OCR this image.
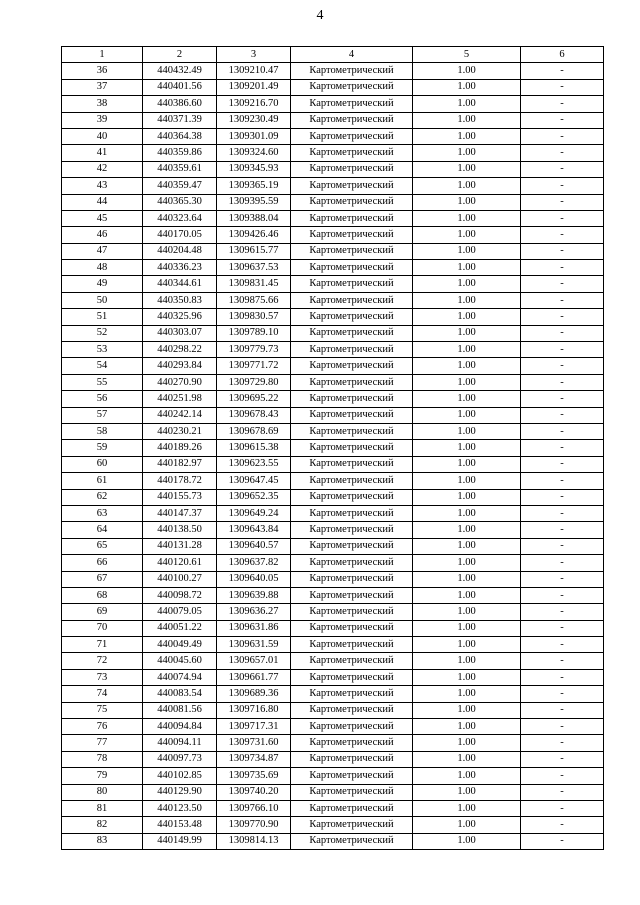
4
1	2	3	4	5	6
36	440432.49	1309210.47	Картометрический	1.00	-
37	440401.56	1309201.49	Картометрический	1.00	-
38	440386.60	1309216.70	Картометрический	1.00	-
39	440371.39	1309230.49	Картометрический	1.00	-
40	440364.38	1309301.09	Картометрический	1.00	-
41	440359.86	1309324.60	Картометрический	1.00	-
42	440359.61	1309345.93	Картометрический	1.00	-
43	440359.47	1309365.19	Картометрический	1.00	-
44	440365.30	1309395.59	Картометрический	1.00	-
45	440323.64	1309388.04	Картометрический	1.00	-
46	440170.05	1309426.46	Картометрический	1.00	-
47	440204.48	1309615.77	Картометрический	1.00	-
48	440336.23	1309637.53	Картометрический	1.00	-
49	440344.61	1309831.45	Картометрический	1.00	-
50	440350.83	1309875.66	Картометрический	1.00	-
51	440325.96	1309830.57	Картометрический	1.00	-
52	440303.07	1309789.10	Картометрический	1.00	-
53	440298.22	1309779.73	Картометрический	1.00	-
54	440293.84	1309771.72	Картометрический	1.00	-
55	440270.90	1309729.80	Картометрический	1.00	-
56	440251.98	1309695.22	Картометрический	1.00	-
57	440242.14	1309678.43	Картометрический	1.00	-
58	440230.21	1309678.69	Картометрический	1.00	-
59	440189.26	1309615.38	Картометрический	1.00	-
60	440182.97	1309623.55	Картометрический	1.00	-
61	440178.72	1309647.45	Картометрический	1.00	-
62	440155.73	1309652.35	Картометрический	1.00	-
63	440147.37	1309649.24	Картометрический	1.00	-
64	440138.50	1309643.84	Картометрический	1.00	-
65	440131.28	1309640.57	Картометрический	1.00	-
66	440120.61	1309637.82	Картометрический	1.00	-
67	440100.27	1309640.05	Картометрический	1.00	-
68	440098.72	1309639.88	Картометрический	1.00	-
69	440079.05	1309636.27	Картометрический	1.00	-
70	440051.22	1309631.86	Картометрический	1.00	-
71	440049.49	1309631.59	Картометрический	1.00	-
72	440045.60	1309657.01	Картометрический	1.00	-
73	440074.94	1309661.77	Картометрический	1.00	-
74	440083.54	1309689.36	Картометрический	1.00	-
75	440081.56	1309716.80	Картометрический	1.00	-
76	440094.84	1309717.31	Картометрический	1.00	-
77	440094.11	1309731.60	Картометрический	1.00	-
78	440097.73	1309734.87	Картометрический	1.00	-
79	440102.85	1309735.69	Картометрический	1.00	-
80	440129.90	1309740.20	Картометрический	1.00	-
81	440123.50	1309766.10	Картометрический	1.00	-
82	440153.48	1309770.90	Картометрический	1.00	-
83	440149.99	1309814.13	Картометрический	1.00	-
